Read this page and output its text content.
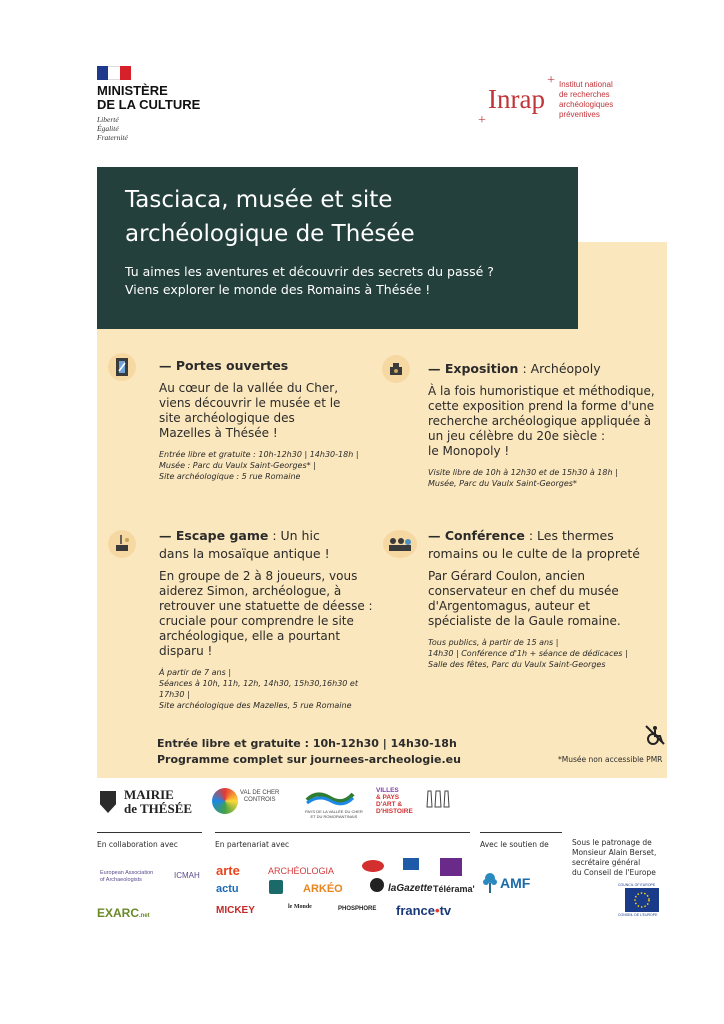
MINISTÈRE
DE LA CULTURE
Liberté
Égalité
Fraternité
Inrap
+
+
Institut national
de recherches
archéologiques
préventives
Tasciaca, musée et site
archéologique de Thésée
Tu aimes les aventures et découvrir des secrets du passé ?
Viens explorer le monde des Romains à Thésée !
— Portes ouvertes
Au cœur de la vallée du Cher,
viens découvrir le musée et le
site archéologique des
Mazelles à Thésée !
Entrée libre et gratuite : 10h-12h30 | 14h30-18h |
Musée : Parc du Vaulx Saint-Georges* |
Site archéologique : 5 rue Romaine
— Exposition : Archéopoly
À la fois humoristique et méthodique,
cette exposition prend la forme d'une
recherche archéologique appliquée à
un jeu célèbre du 20e siècle :
le Monopoly !
Visite libre de 10h à 12h30 et de 15h30 à 18h |
Musée, Parc du Vaulx Saint-Georges*
— Escape game : Un hic
dans la mosaïque antique !
En groupe de 2 à 8 joueurs, vous
aiderez Simon, archéologue, à
retrouver une statuette de déesse :
cruciale pour comprendre le site
archéologique, elle a pourtant
disparu !
À partir de 7 ans |
Séances à 10h, 11h, 12h, 14h30, 15h30,16h30 et 17h30 |
Site archéologique des Mazelles, 5 rue Romaine
— Conférence : Les thermes
romains ou le culte de la propreté
Par Gérard Coulon, ancien
conservateur en chef du musée
d'Argentomagus, auteur et
spécialiste de la Gaule romaine.
Tous publics, à partir de 15 ans |
14h30 | Conférence d'1h + séance de dédicaces |
Salle des fêtes, Parc du Vaulx Saint-Georges
Entrée libre et gratuite : 10h-12h30 | 14h30-18h
Programme complet sur journees-archeologie.eu	*Musée non accessible PMR
MAIRIE
de THÉSÉE
VAL DE CHER
CONTROIS
PAYS DE LA VALLÉE DU CHER
ET DU ROMORANTINAIS
VILLES
& PAYS
D'ART &
D'HISTOIRE
En collaboration avec	En partenariat avec	Avec le soutien de	Sous le patronage de
Monsieur Alain Berset,
secrétaire général
du Conseil de l'Europe
European Association
of Archaeologists	ICMAH
EXARC.net
arte	ARCHÉOLOGIA
actu	ARKÉO	laGazette Télérama'
MICKEY	le Monde	PHOSPHORE france•tv
AMF	COUNCIL OF EUROPE
CONSEIL DE L'EUROPE
